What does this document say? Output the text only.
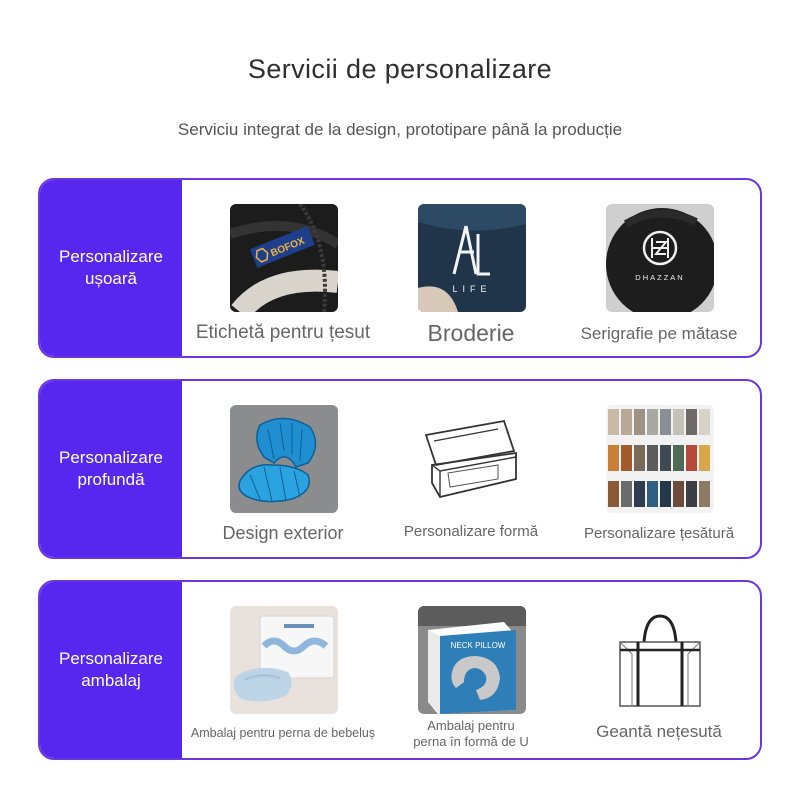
Servicii de personalizare
Serviciu integrat de la design, prototipare până la producție
Personalizare
ușoară
BOFOX
Etichetă pentru țesut
LIFE
Broderie
DHAZZAN
Serigrafie pe mătase
Personalizare
profundă
Design exterior	Personalizare formă	Personalizare țesătură
Personalizare
ambalaj
Ambalaj pentru perna de bebeluș
NECK PILLOW
Ambalaj pentru
perna în formă de U
Geantă nețesută
